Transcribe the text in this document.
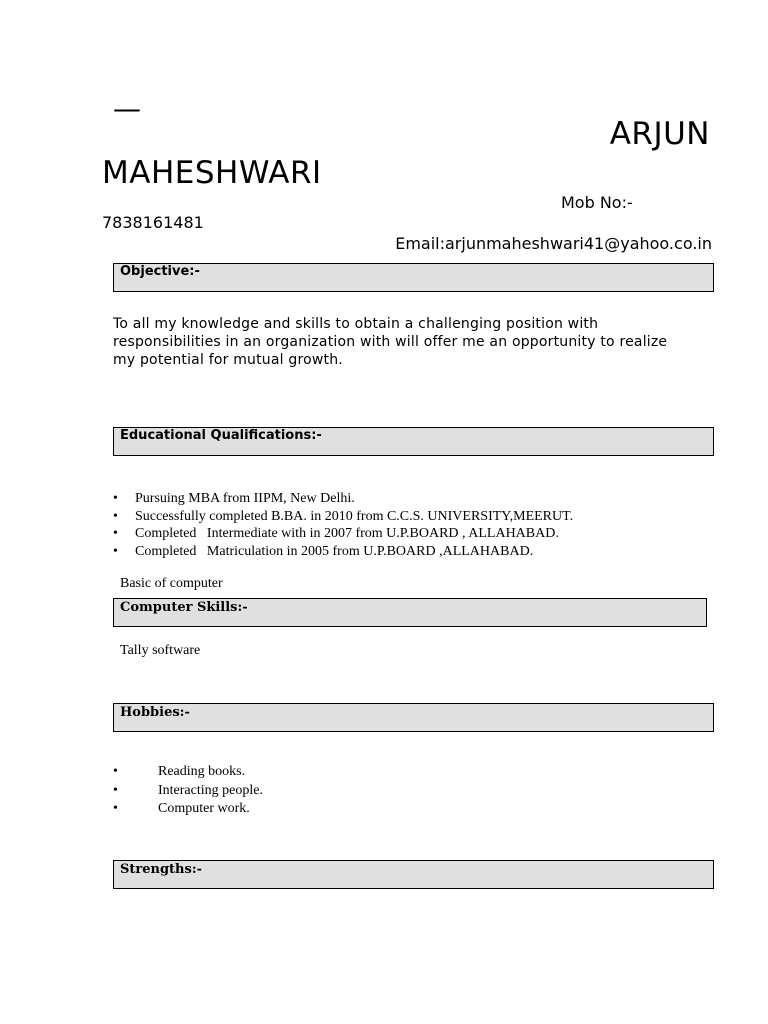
—
ARJUN
MAHESHWARI
Mob No:-
7838161481
Email:arjunmaheshwari41@yahoo.co.in
Objective:-
To all my knowledge and skills to obtain a challenging position with responsibilities in an organization with will offer me an opportunity to realize my potential for mutual growth.
Educational Qualifications:-
• Pursuing MBA from IIPM, New Delhi.
• Successfully completed B.BA. in 2010 from C.C.S. UNIVERSITY,MEERUT.
• Completed   Intermediate with in 2007 from U.P.BOARD , ALLAHABAD.
• Completed   Matriculation in 2005 from U.P.BOARD ,ALLAHABAD.
Basic of computer
Computer Skills:-
Tally software
Hobbies:-
•	Reading books.
•	Interacting people.
•	Computer work.
Strengths:-
